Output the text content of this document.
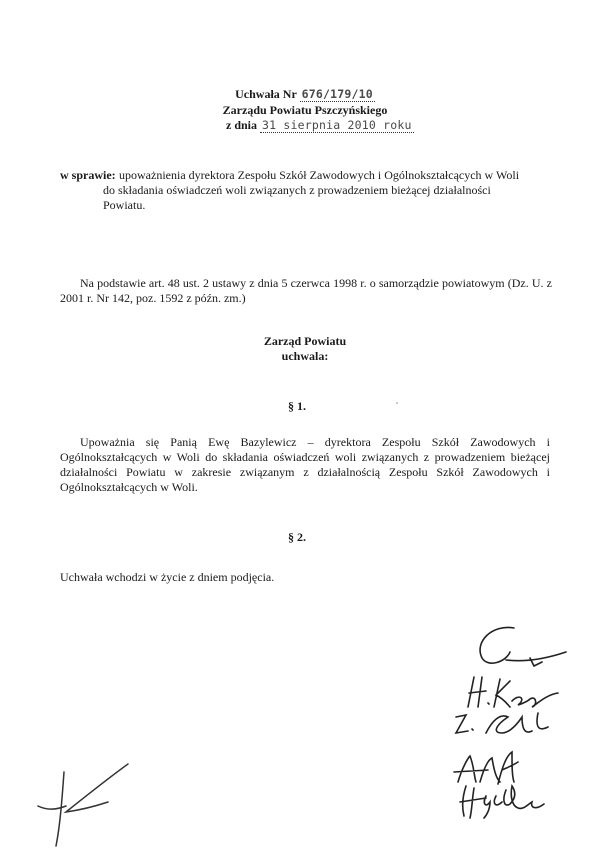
Uchwała Nr 676/179/10
Zarządu Powiatu Pszczyńskiego
z dnia 31 sierpnia 2010 roku
w sprawie: upoważnienia dyrektora Zespołu Szkół Zawodowych i Ogólnokształcących w Woli
do składania oświadczeń woli związanych z prowadzeniem bieżącej działalności Powiatu.
Na podstawie art. 48 ust. 2 ustawy z dnia 5 czerwca 1998 r. o samorządzie powiatowym (Dz. U. z 2001 r. Nr 142, poz. 1592 z późn. zm.)
Zarząd Powiatu
uchwala:
§ 1.
Upoważnia się Panią Ewę Bazylewicz – dyrektora Zespołu Szkół Zawodowych i Ogólnokształcących w Woli do składania oświadczeń woli związanych z prowadzeniem bieżącej działalności Powiatu w zakresie związanym z działalnością Zespołu Szkół Zawodowych i Ogólnokształcących w Woli.
§ 2.
Uchwała wchodzi w życie z dniem podjęcia.
